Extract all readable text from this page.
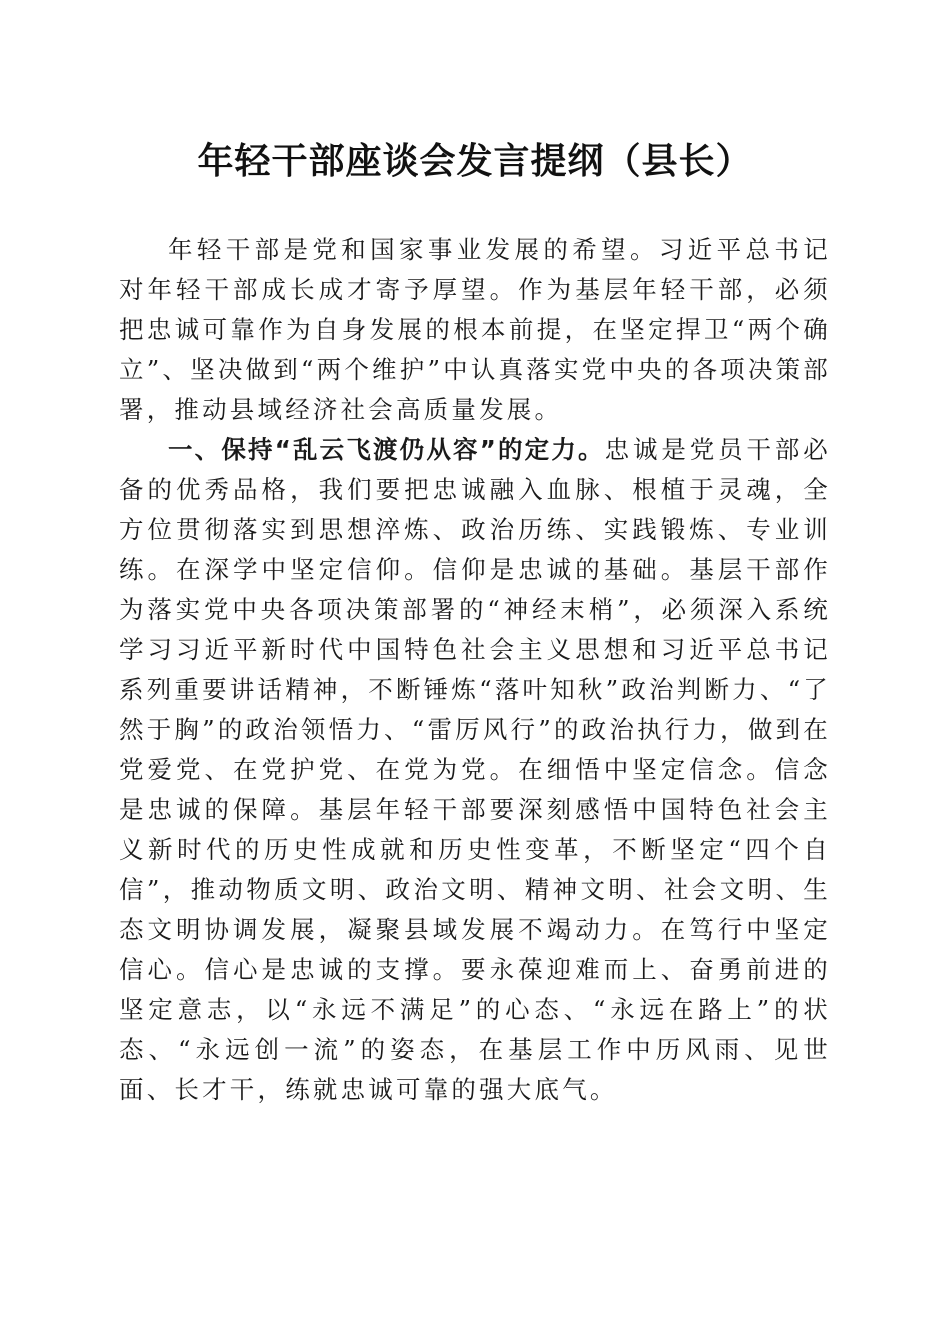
年轻干部座谈会发言提纲（县长）

年轻干部是党和国家事业发展的希望。习近平总书记对年轻干部成长成才寄予厚望。作为基层年轻干部，必须把忠诚可靠作为自身发展的根本前提，在坚定捍卫“两个确立”、坚决做到“两个维护”中认真落实党中央的各项决策部署，推动县域经济社会高质量发展。

一、保持“乱云飞渡仍从容”的定力。忠诚是党员干部必备的优秀品格，我们要把忠诚融入血脉、根植于灵魂，全方位贯彻落实到思想淬炼、政治历练、实践锻炼、专业训练。在深学中坚定信仰。信仰是忠诚的基础。基层干部作为落实党中央各项决策部署的“神经末梢”，必须深入系统学习习近平新时代中国特色社会主义思想和习近平总书记系列重要讲话精神，不断锤炼“落叶知秋”政治判断力、“了然于胸”的政治领悟力、“雷厉风行”的政治执行力，做到在党爱党、在党护党、在党为党。在细悟中坚定信念。信念是忠诚的保障。基层年轻干部要深刻感悟中国特色社会主义新时代的历史性成就和历史性变革，不断坚定“四个自信”，推动物质文明、政治文明、精神文明、社会文明、生态文明协调发展，凝聚县域发展不竭动力。在笃行中坚定信心。信心是忠诚的支撑。要永葆迎难而上、奋勇前进的坚定意志，以“永远不满足”的心态、“永远在路上”的状态、“永远创一流”的姿态，在基层工作中历风雨、见世面、长才干，练就忠诚可靠的强大底气。
